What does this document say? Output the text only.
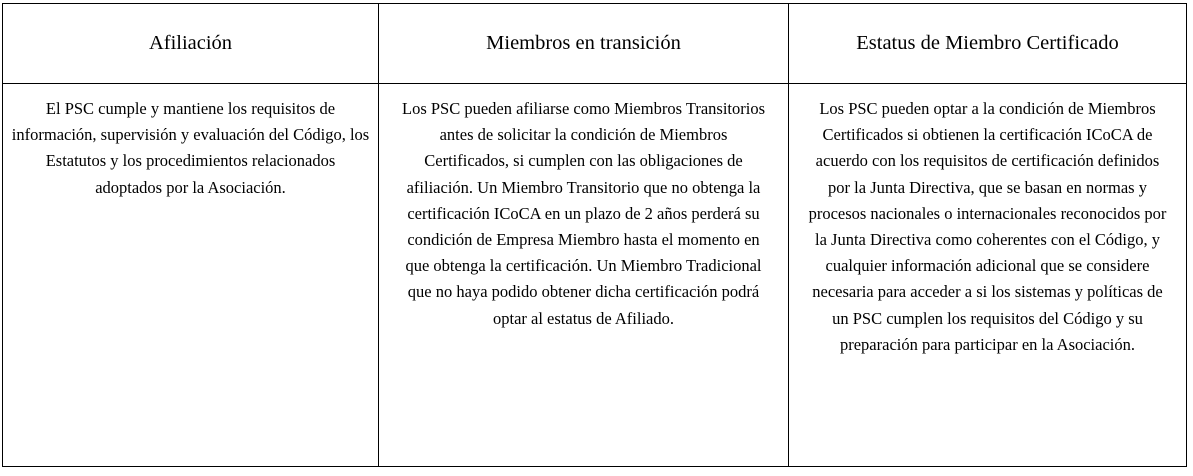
Afiliación	Miembros en transición	Estatus de Miembro Certificado
El PSC cumple y mantiene los requisitos de información, supervisión y evaluación del Código, los Estatutos y los procedimientos relacionados adoptados por la Asociación.
Los PSC pueden afiliarse como Miembros Transitorios antes de solicitar la condición de Miembros Certificados, si cumplen con las obligaciones de afiliación. Un Miembro Transitorio que no obtenga la certificación ICoCA en un plazo de 2 años perderá su condición de Empresa Miembro hasta el momento en que obtenga la certificación. Un Miembro Tradicional que no haya podido obtener dicha certificación podrá optar al estatus de Afiliado.
Los PSC pueden optar a la condición de Miembros Certificados si obtienen la certificación ICoCA de acuerdo con los requisitos de certificación definidos por la Junta Directiva, que se basan en normas y procesos nacionales o internacionales reconocidos por la Junta Directiva como coherentes con el Código, y cualquier información adicional que se considere necesaria para acceder a si los sistemas y políticas de un PSC cumplen los requisitos del Código y su preparación para participar en la Asociación.
